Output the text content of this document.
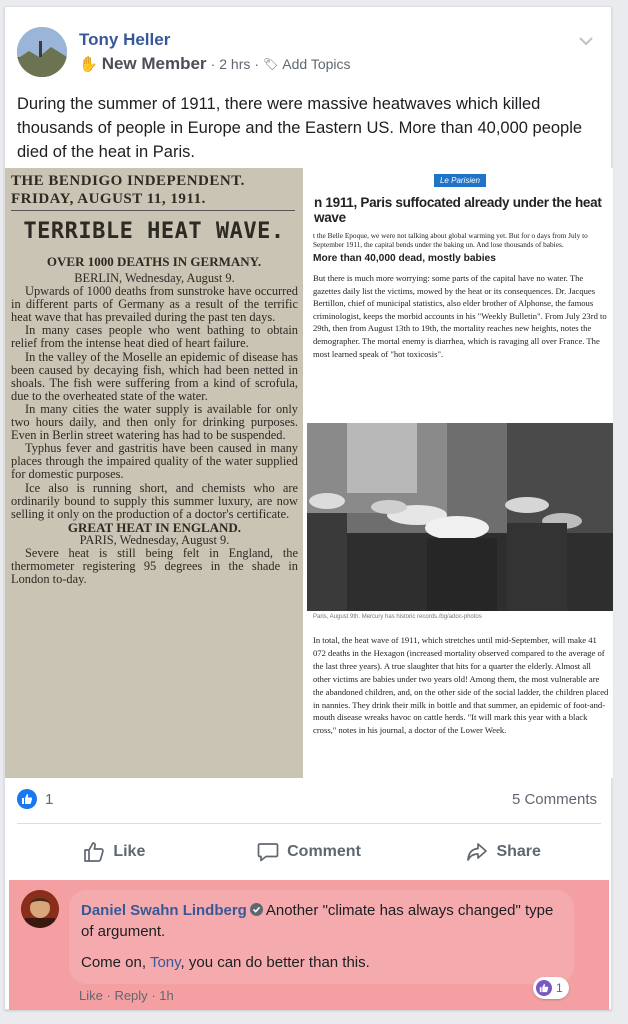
Tony Heller
✋ New Member · 2 hrs · 🏷 Add Topics
During the summer of 1911, there were massive heatwaves which killed thousands of people in Europe and the Eastern US. More than 40,000 people died of the heat in Paris.
THE BENDIGO INDEPENDENT.
FRIDAY, AUGUST 11, 1911.
TERRIBLE HEAT WAVE.
OVER 1000 DEATHS IN GERMANY.

BERLIN, Wednesday, August 9.

Upwards of 1000 deaths from sunstroke have occurred in different parts of Germany as a result of the terrific heat wave that has prevailed during the past ten days.

In many cases people who went bathing to obtain relief from the intense heat died of heart failure.

In the valley of the Moselle an epidemic of disease has been caused by decaying fish, which had been netted in shoals. The fish were suffering from a kind of scrofula, due to the overheated state of the water.

In many cities the water supply is available for only two hours daily, and then only for drinking purposes. Even in Berlin street watering has had to be suspended.

Typhus fever and gastritis have been caused in many places through the impaired quality of the water supplied for domestic purposes.

Ice also is running short, and chemists who are ordinarily bound to supply this summer luxury, are now selling it only on the production of a doctor's certificate.

GREAT HEAT IN ENGLAND.

PARIS, Wednesday, August 9.

Severe heat is still being felt in England, the thermometer registering 95 degrees in the shade in London to-day.

Le Parisien
n 1911, Paris suffocated already under the heat wave
t the Belle Epoque, we were not talking about global warming yet. But for o days from July to September 1911, the capital bends under the baking un. And lose thousands of babies.
More than 40,000 dead, mostly babies
But there is much more worrying: some parts of the capital have no water. The gazettes daily list the victims, mowed by the heat or its consequences. Dr. Jacques Bertillon, chief of municipal statistics, also elder brother of Alphonse, the famous criminologist, keeps the morbid accounts in his "Weekly Bulletin". From July 23rd to 29th, then from August 13th to 19th, the mortality reaches new heights, notes the demographer. The mortal enemy is diarrhea, which is ravaging all over France. The most learned speak of "hot toxicosis".
Paris, August 9th. Mercury has historic records./bg/adoc-photos
In total, the heat wave of 1911, which stretches until mid-September, will make 41 072 deaths in the Hexagon (increased mortality observed compared to the average of the last three years). A true slaughter that hits for a quarter the elderly. Almost all other victims are babies under two years old! Among them, the most vulnerable are the abandoned children, and, on the other side of the social ladder, the children placed in nannies. They drink their milk in bottle and that summer, an epidemic of foot-and-mouth disease wreaks havoc on cattle herds. "It will mark this year with a black cross," notes in his journal, a doctor of the Lower Week.
1	5 Comments
Like	Comment	Share
Daniel Swahn Lindberg Another "climate has always changed" type of argument.
Come on, Tony, you can do better than this.
1
Like · Reply · 1h
